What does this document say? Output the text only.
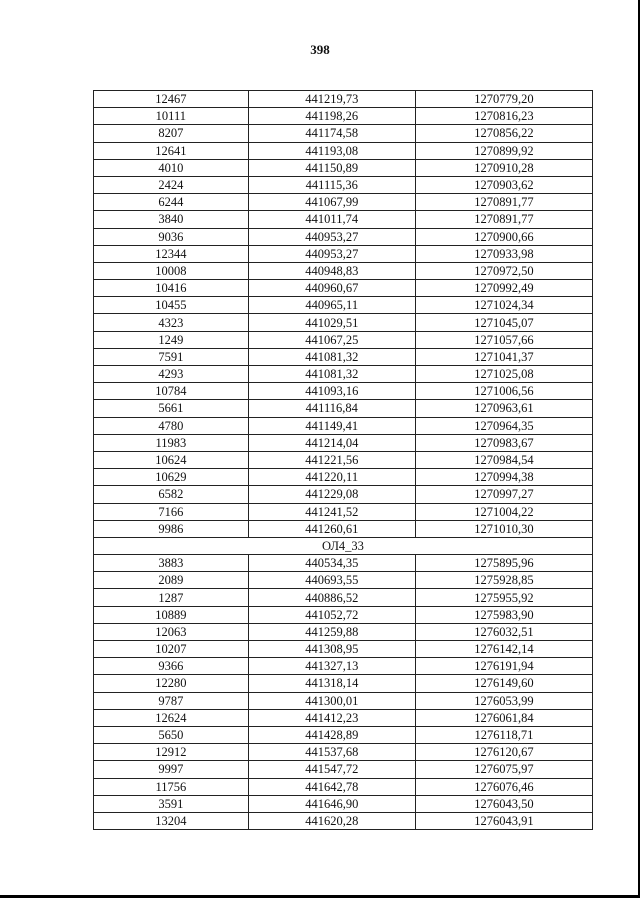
398
12467	441219,73	1270779,20
10111	441198,26	1270816,23
8207	441174,58	1270856,22
12641	441193,08	1270899,92
4010	441150,89	1270910,28
2424	441115,36	1270903,62
6244	441067,99	1270891,77
3840	441011,74	1270891,77
9036	440953,27	1270900,66
12344	440953,27	1270933,98
10008	440948,83	1270972,50
10416	440960,67	1270992,49
10455	440965,11	1271024,34
4323	441029,51	1271045,07
1249	441067,25	1271057,66
7591	441081,32	1271041,37
4293	441081,32	1271025,08
10784	441093,16	1271006,56
5661	441116,84	1270963,61
4780	441149,41	1270964,35
11983	441214,04	1270983,67
10624	441221,56	1270984,54
10629	441220,11	1270994,38
6582	441229,08	1270997,27
7166	441241,52	1271004,22
9986	441260,61	1271010,30
ОЛ4_33		
3883	440534,35	1275895,96
2089	440693,55	1275928,85
1287	440886,52	1275955,92
10889	441052,72	1275983,90
12063	441259,88	1276032,51
10207	441308,95	1276142,14
9366	441327,13	1276191,94
12280	441318,14	1276149,60
9787	441300,01	1276053,99
12624	441412,23	1276061,84
5650	441428,89	1276118,71
12912	441537,68	1276120,67
9997	441547,72	1276075,97
11756	441642,78	1276076,46
3591	441646,90	1276043,50
13204	441620,28	1276043,91
